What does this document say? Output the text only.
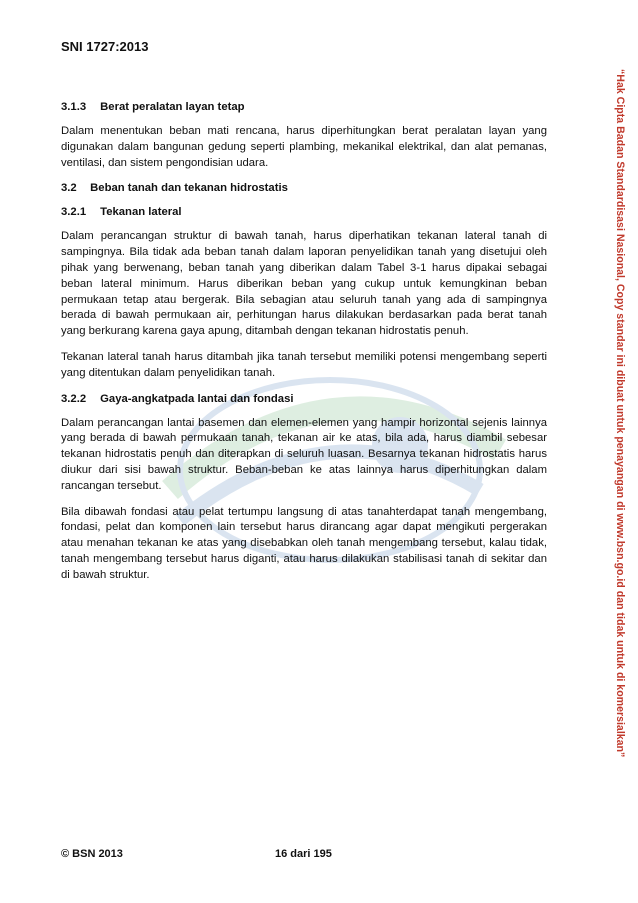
SNI 1727:2013
3.1.3 Berat peralatan layan tetap

Dalam menentukan beban mati rencana, harus diperhitungkan berat peralatan layan yang digunakan dalam bangunan gedung seperti plambing, mekanikal elektrikal, dan alat pemanas, ventilasi, dan sistem pengondisian udara.

3.2 Beban tanah dan tekanan hidrostatis
3.2.1 Tekanan lateral

Dalam perancangan struktur di bawah tanah, harus diperhatikan tekanan lateral tanah di sampingnya. Bila tidak ada beban tanah dalam laporan penyelidikan tanah yang disetujui oleh pihak yang berwenang, beban tanah yang diberikan dalam Tabel 3-1 harus dipakai sebagai beban lateral minimum. Harus diberikan beban yang cukup untuk kemungkinan beban permukaan tetap atau bergerak. Bila sebagian atau seluruh tanah yang ada di sampingnya berada di bawah permukaan air, perhitungan harus dilakukan berdasarkan pada berat tanah yang berkurang karena gaya apung, ditambah dengan tekanan hidrostatis penuh.

Tekanan lateral tanah harus ditambah jika tanah tersebut memiliki potensi mengembang seperti yang ditentukan dalam penyelidikan tanah.

3.2.2 Gaya-angkatpada lantai dan fondasi

Dalam perancangan lantai basemen dan elemen-elemen yang hampir horizontal sejenis lainnya yang berada di bawah permukaan tanah, tekanan air ke atas, bila ada, harus diambil sebesar tekanan hidrostatis penuh dan diterapkan di seluruh luasan. Besarnya tekanan hidrostatis harus diukur dari sisi bawah struktur. Beban-beban ke atas lainnya harus diperhitungkan dalam rancangan tersebut.

Bila dibawah fondasi atau pelat tertumpu langsung di atas tanahterdapat tanah mengembang, fondasi, pelat dan komponen lain tersebut harus dirancang agar dapat mengikuti pergerakan atau menahan tekanan ke atas yang disebabkan oleh tanah mengembang tersebut, kalau tidak, tanah mengembang tersebut harus diganti, atau harus dilakukan stabilisasi tanah di sekitar dan di bawah struktur.

© BSN 2013	16 dari 195
“Hak Cipta Badan Standardisasi Nasional, Copy standar ini dibuat untuk penayangan di www.bsn.go.id dan tidak untuk di komersialkan”
